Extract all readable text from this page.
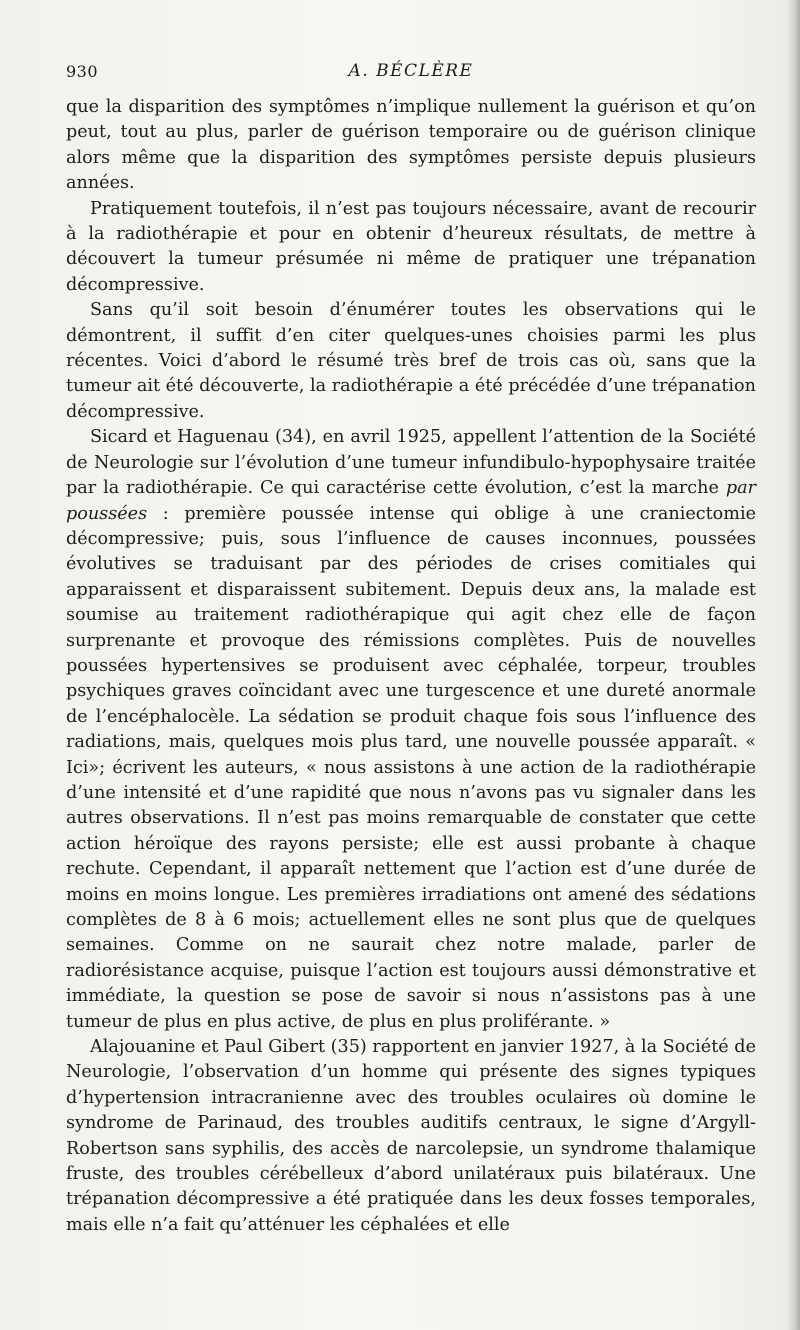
930	A. BÉCLÈRE

que la disparition des symptômes n’implique nullement la guérison et qu’on peut, tout au plus, parler de guérison temporaire ou de guérison clinique alors même que la disparition des symptômes persiste depuis plusieurs années.

Pratiquement toutefois, il n’est pas toujours nécessaire, avant de recourir à la radiothérapie et pour en obtenir d’heureux résultats, de mettre à découvert la tumeur présumée ni même de pratiquer une trépanation décompressive.

Sans qu’il soit besoin d’énumérer toutes les observations qui le démontrent, il suffit d’en citer quelques-unes choisies parmi les plus récentes. Voici d’abord le résumé très bref de trois cas où, sans que la tumeur ait été découverte, la radiothérapie a été précédée d’une trépanation décompressive.

Sicard et Haguenau (34), en avril 1925, appellent l’attention de la Société de Neurologie sur l’évolution d’une tumeur infundibulo-hypophysaire traitée par la radiothérapie. Ce qui caractérise cette évolution, c’est la marche par poussées : première poussée intense qui oblige à une craniectomie décompressive; puis, sous l’influence de causes inconnues, poussées évolutives se traduisant par des périodes de crises comitiales qui apparaissent et disparaissent subitement. Depuis deux ans, la malade est soumise au traitement radiothérapique qui agit chez elle de façon surprenante et provoque des rémissions complètes. Puis de nouvelles poussées hypertensives se produisent avec céphalée, torpeur, troubles psychiques graves coïncidant avec une turgescence et une dureté anormale de l’encéphalocèle. La sédation se produit chaque fois sous l’influence des radiations, mais, quelques mois plus tard, une nouvelle poussée apparaît. « Ici»; écrivent les auteurs, « nous assistons à une action de la radiothérapie d’une intensité et d’une rapidité que nous n’avons pas vu signaler dans les autres observations. Il n’est pas moins remarquable de constater que cette action héroïque des rayons persiste; elle est aussi probante à chaque rechute. Cependant, il apparaît nettement que l’action est d’une durée de moins en moins longue. Les premières irradiations ont amené des sédations complètes de 8 à 6 mois; actuellement elles ne sont plus que de quelques semaines. Comme on ne saurait chez notre malade, parler de radiorésistance acquise, puisque l’action est toujours aussi démonstrative et immédiate, la question se pose de savoir si nous n’assistons pas à une tumeur de plus en plus active, de plus en plus proliférante. »

Alajouanine et Paul Gibert (35) rapportent en janvier 1927, à la Société de Neurologie, l’observation d’un homme qui présente des signes typiques d’hypertension intracranienne avec des troubles oculaires où domine le syndrome de Parinaud, des troubles auditifs centraux, le signe d’Argyll-Robertson sans syphilis, des accès de narcolepsie, un syndrome thalamique fruste, des troubles cérébelleux d’abord unilatéraux puis bilatéraux. Une trépanation décompressive a été pratiquée dans les deux fosses temporales, mais elle n’a fait qu’atténuer les céphalées et elle
